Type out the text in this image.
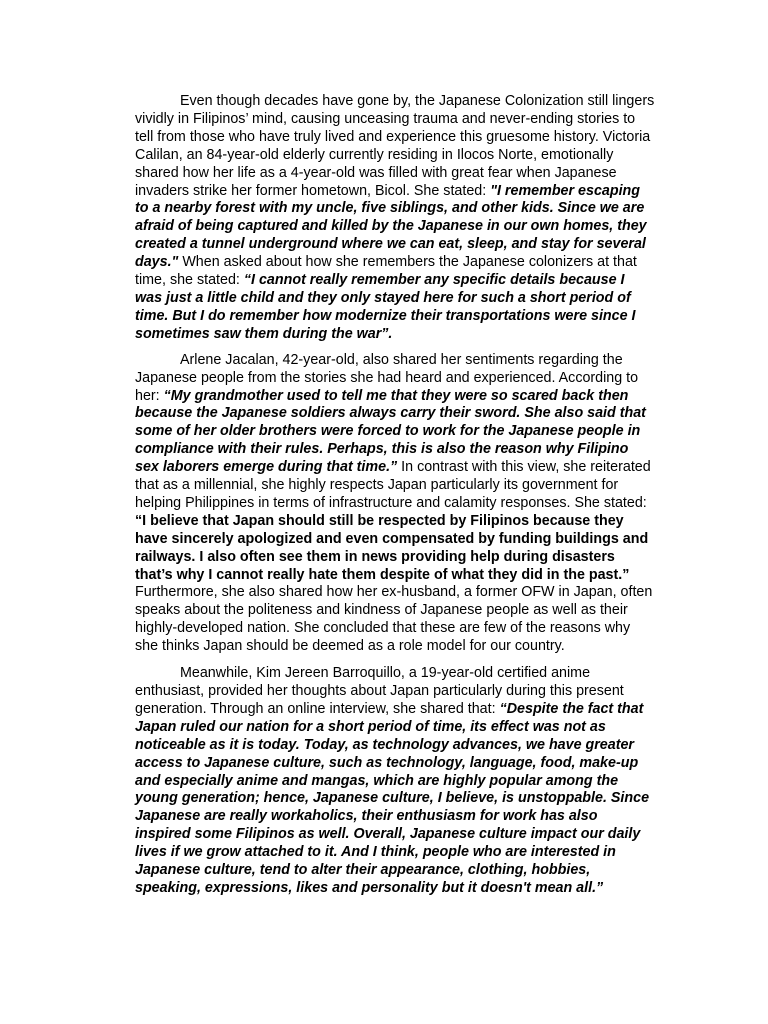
Even though decades have gone by, the Japanese Colonization still lingers vividly in Filipinos’ mind, causing unceasing trauma and never-ending stories to tell from those who have truly lived and experience this gruesome history. Victoria Calilan, an 84-year-old elderly currently residing in Ilocos Norte, emotionally shared how her life as a 4-year-old was filled with great fear when Japanese invaders strike her former hometown, Bicol. She stated: "I remember escaping to a nearby forest with my uncle, five siblings, and other kids. Since we are afraid of being captured and killed by the Japanese in our own homes, they created a tunnel underground where we can eat, sleep, and stay for several days." When asked about how she remembers the Japanese colonizers at that time, she stated: “I cannot really remember any specific details because I was just a little child and they only stayed here for such a short period of time. But I do remember how modernize their transportations were since I sometimes saw them during the war”.

Arlene Jacalan, 42-year-old, also shared her sentiments regarding the Japanese people from the stories she had heard and experienced. According to her: “My grandmother used to tell me that they were so scared back then because the Japanese soldiers always carry their sword. She also said that some of her older brothers were forced to work for the Japanese people in compliance with their rules. Perhaps, this is also the reason why Filipino sex laborers emerge during that time.” In contrast with this view, she reiterated that as a millennial, she highly respects Japan particularly its government for helping Philippines in terms of infrastructure and calamity responses. She stated: “I believe that Japan should still be respected by Filipinos because they have sincerely apologized and even compensated by funding buildings and railways. I also often see them in news providing help during disasters that’s why I cannot really hate them despite of what they did in the past.” Furthermore, she also shared how her ex-husband, a former OFW in Japan, often speaks about the politeness and kindness of Japanese people as well as their highly-developed nation. She concluded that these are few of the reasons why she thinks Japan should be deemed as a role model for our country.

Meanwhile, Kim Jereen Barroquillo, a 19-year-old certified anime enthusiast, provided her thoughts about Japan particularly during this present generation. Through an online interview, she shared that: “Despite the fact that Japan ruled our nation for a short period of time, its effect was not as noticeable as it is today. Today, as technology advances, we have greater access to Japanese culture, such as technology, language, food, make-up and especially anime and mangas, which are highly popular among the young generation; hence, Japanese culture, I believe, is unstoppable. Since Japanese are really workaholics, their enthusiasm for work has also inspired some Filipinos as well. Overall, Japanese culture impact our daily lives if we grow attached to it. And I think, people who are interested in Japanese culture, tend to alter their appearance, clothing, hobbies, speaking, expressions, likes and personality but it doesn't mean all.”
